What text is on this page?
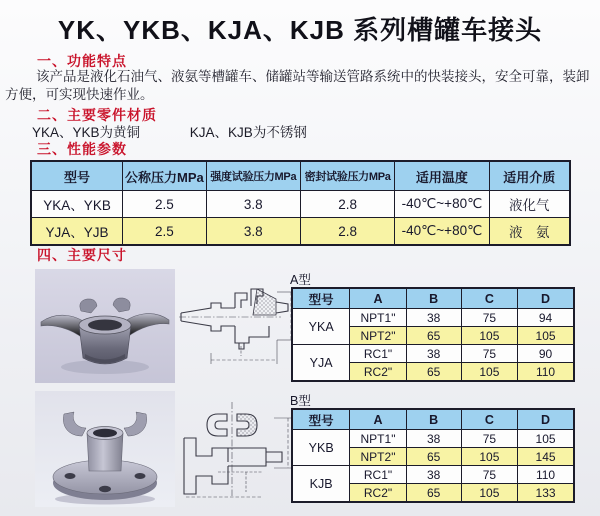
YK、YKB、KJA、KJB 系列槽罐车接头
一、功能特点

该产品是液化石油气、液氨等槽罐车、储罐站等输送管路系统中的快装接头，安全可靠，装卸方便，可实现快速作业。

二、主要零件材质
YKA、YKB为黄铜	KJA、KJB为不锈钢
三、性能参数
型号	公称压力MPa	强度试验压力MPa	密封试验压力MPa	适用温度	适用介质
YKA、YKB	2.5	3.8	2.8	-40℃~+80℃	液化气
YJA、YJB	2.5	3.8	2.8	-40℃~+80℃	液　氨
四、主要尺寸
A型
型号	A	B	C	D
YKA	NPT1"	38	75	94
	NPT2"	65	105	105
YJA	RC1"	38	75	90
	RC2"	65	105	110
B型
型号	A	B	C	D
YKB	NPT1"	38	75	105
	NPT2"	65	105	145
KJB	RC1"	38	75	110
	RC2"	65	105	133
